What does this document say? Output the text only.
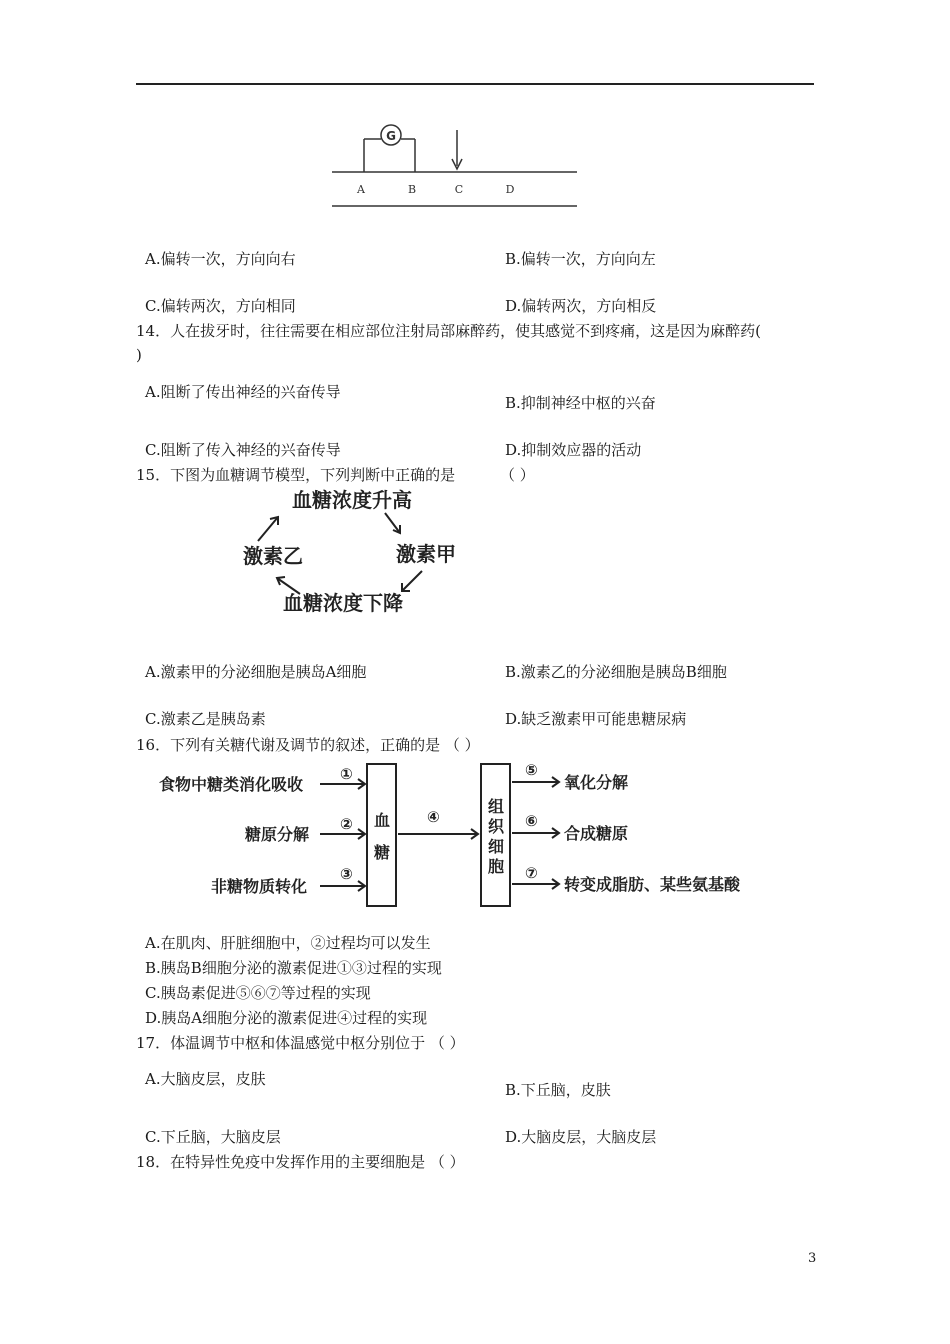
G
A	B	C	D
A.偏转一次，方向向右	B.偏转一次，方向向左
C.偏转两次，方向相同	D.偏转两次，方向相反
14．人在拔牙时，往往需要在相应部位注射局部麻醉药，使其感觉不到疼痛，这是因为麻醉药(
)
A.阻断了传出神经的兴奋传导
B.抑制神经中枢的兴奋
C.阻断了传入神经的兴奋传导	D.抑制效应器的活动
15．下图为血糖调节模型，下列判断中正确的是	（ ）
血糖浓度升高
激素甲
激素乙
血糖浓度下降
A.激素甲的分泌细胞是胰岛A细胞	B.激素乙的分泌细胞是胰岛B细胞
C.激素乙是胰岛素	D.缺乏激素甲可能患糖尿病
16．下列有关糖代谢及调节的叙述，正确的是 （ ）
食物中糖类消化吸收
糖原分解
非糖物质转化
①
②
③
血
糖
④
组
织
细
胞
⑤
⑥
⑦
氧化分解
合成糖原
转变成脂肪、某些氨基酸
A.在肌肉、肝脏细胞中，②过程均可以发生
B.胰岛B细胞分泌的激素促进①③过程的实现
C.胰岛素促进⑤⑥⑦等过程的实现
D.胰岛A细胞分泌的激素促进④过程的实现
17．体温调节中枢和体温感觉中枢分别位于 （ ）
A.大脑皮层，皮肤
B.下丘脑，皮肤
C.下丘脑，大脑皮层	D.大脑皮层，大脑皮层
18．在特异性免疫中发挥作用的主要细胞是 （ ）
3
